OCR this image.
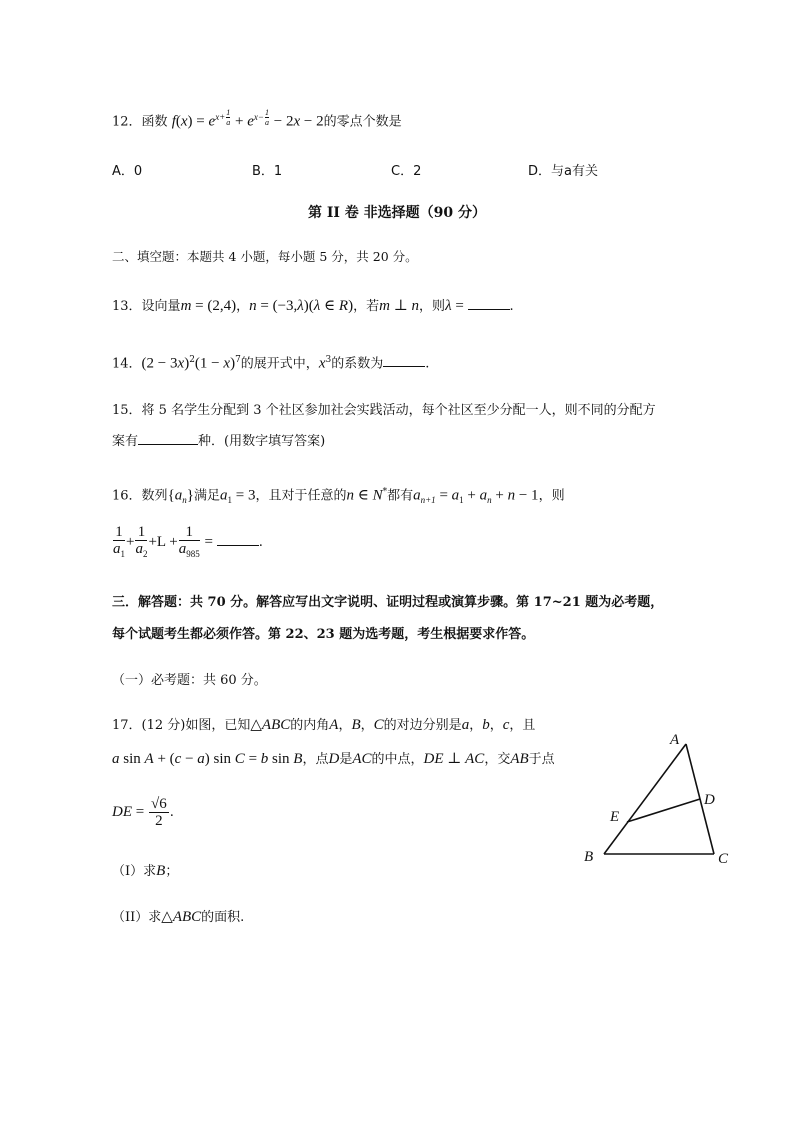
12．函数 $f(x) = e^{x+ \frac{1}{a}} + e^{x- \frac{1}{a}} - 2x - 2$的零点个数是
A．0	B．1	C．2	D．与a有关
第 II 卷 非选择题（90 分）
二、填空题：本题共 4 小题，每小题 5 分，共 20 分。
13．设向量m = (2,4)，n = (−3,λ)(λ ∈ R)，若m ⊥ n，则λ =	.
14．$(2 - 3x)^2(1 - x)^7$的展开式中，$x^3$的系数为	.
15．将 5 名学生分配到 3 个社区参加社会实践活动，每个社区至少分配一人，则不同的分配方
案有	种．(用数字填写答案)
16．数列$\{a_n\}$满足$a_1 = 3$，且对于任意的n ∈ N*都有$a_{n+1} = a_1 + a_n + n - 1$，则
$\frac{1}{a_1} + \frac{1}{a_2} +L + \frac{1}{a_{985}}$ =	.
三．解答题：共 70 分。解答应写出文字说明、证明过程或演算步骤。第 17~21 题为必考题，
每个试题考生都必须作答。第 22、23 题为选考题，考生根据要求作答。
（一）必考题：共 60 分。
17．(12 分)如图，已知△ABC的内角A，B，C的对边分别是a，b，c，且
a sin A + (c − a) sin C = b sin B，点D是AC的中点，DE ⊥ AC，交AB于点
DE = $\frac{√6}{2}$ .
（I）求B；
（II）求△ABC的面积.
A
B	C
D
E
